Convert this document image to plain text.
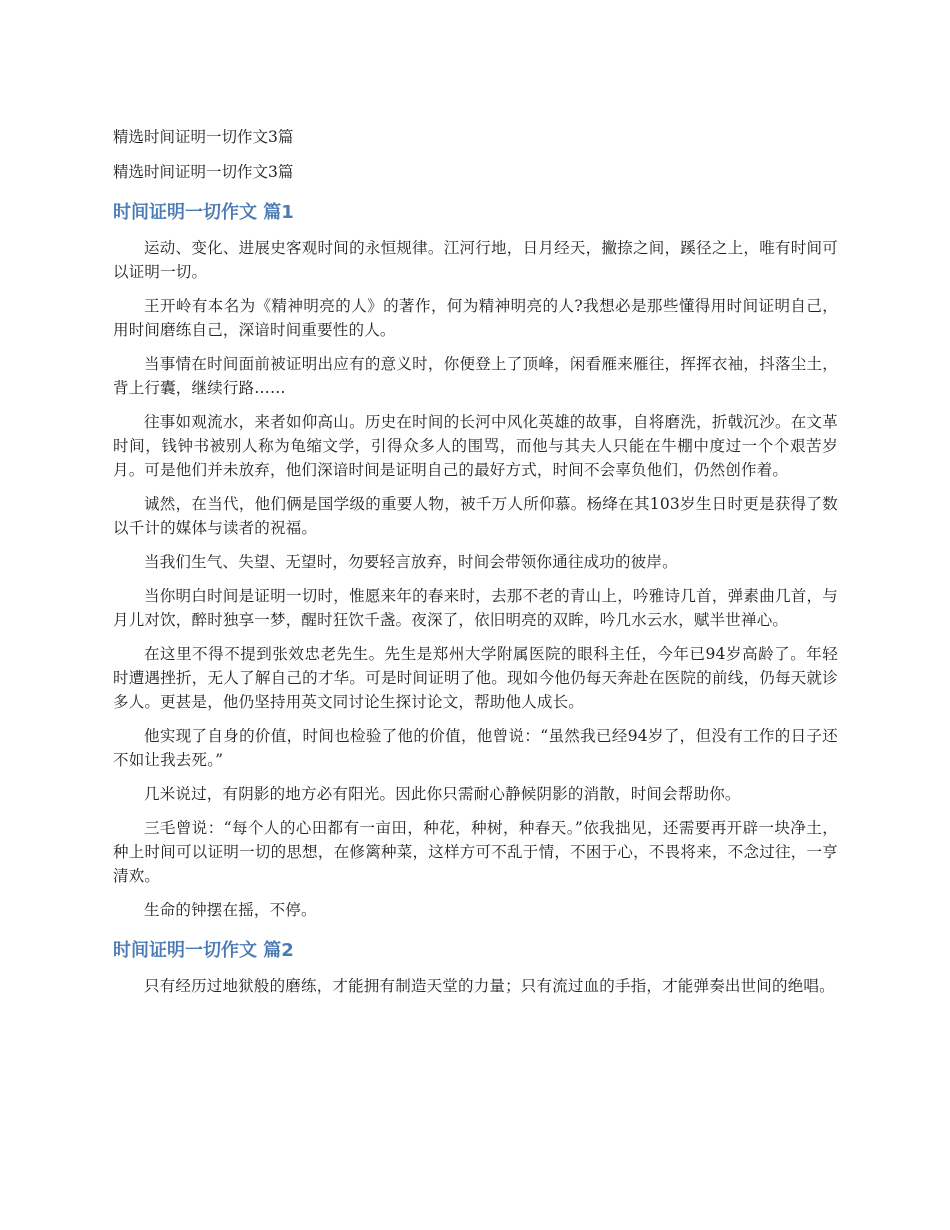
精选时间证明一切作文3篇
精选时间证明一切作文3篇
时间证明一切作文 篇1

运动、变化、进展史客观时间的永恒规律。江河行地，日月经天，撇捺之间，蹊径之上，唯有时间可以证明一切。

王开岭有本名为《精神明亮的人》的著作，何为精神明亮的人?我想必是那些懂得用时间证明自己，用时间磨练自己，深谙时间重要性的人。

当事情在时间面前被证明出应有的意义时，你便登上了顶峰，闲看雁来雁往，挥挥衣袖，抖落尘土，背上行囊，继续行路……

往事如观流水，来者如仰高山。历史在时间的长河中风化英雄的故事，自将磨洗，折戟沉沙。在文革时间，钱钟书被别人称为龟缩文学，引得众多人的围骂，而他与其夫人只能在牛棚中度过一个个艰苦岁月。可是他们并未放弃，他们深谙时间是证明自己的最好方式，时间不会辜负他们，仍然创作着。

诚然，在当代，他们俩是国学级的重要人物，被千万人所仰慕。杨绛在其103岁生日时更是获得了数以千计的媒体与读者的祝福。

当我们生气、失望、无望时，勿要轻言放弃，时间会带领你通往成功的彼岸。

当你明白时间是证明一切时，惟愿来年的春来时，去那不老的青山上，吟雅诗几首，弹素曲几首，与月儿对饮，醉时独享一梦，醒时狂饮千盏。夜深了，依旧明亮的双眸，吟几水云水，赋半世禅心。

在这里不得不提到张效忠老先生。先生是郑州大学附属医院的眼科主任，今年已94岁高龄了。年轻时遭遇挫折，无人了解自己的才华。可是时间证明了他。现如今他仍每天奔赴在医院的前线，仍每天就诊多人。更甚是，他仍坚持用英文同讨论生探讨论文，帮助他人成长。

他实现了自身的价值，时间也检验了他的价值，他曾说：“虽然我已经94岁了，但没有工作的日子还不如让我去死。”

几米说过，有阴影的地方必有阳光。因此你只需耐心静候阴影的消散，时间会帮助你。

三毛曾说：“每个人的心田都有一亩田，种花，种树，种春天。”依我拙见，还需要再开辟一块净土，种上时间可以证明一切的思想，在修篱种菜，这样方可不乱于情，不困于心，不畏将来，不念过往，一亨清欢。

生命的钟摆在摇，不停。

时间证明一切作文 篇2

只有经历过地狱般的磨练，才能拥有制造天堂的力量；只有流过血的手指，才能弹奏出世间的绝唱。
